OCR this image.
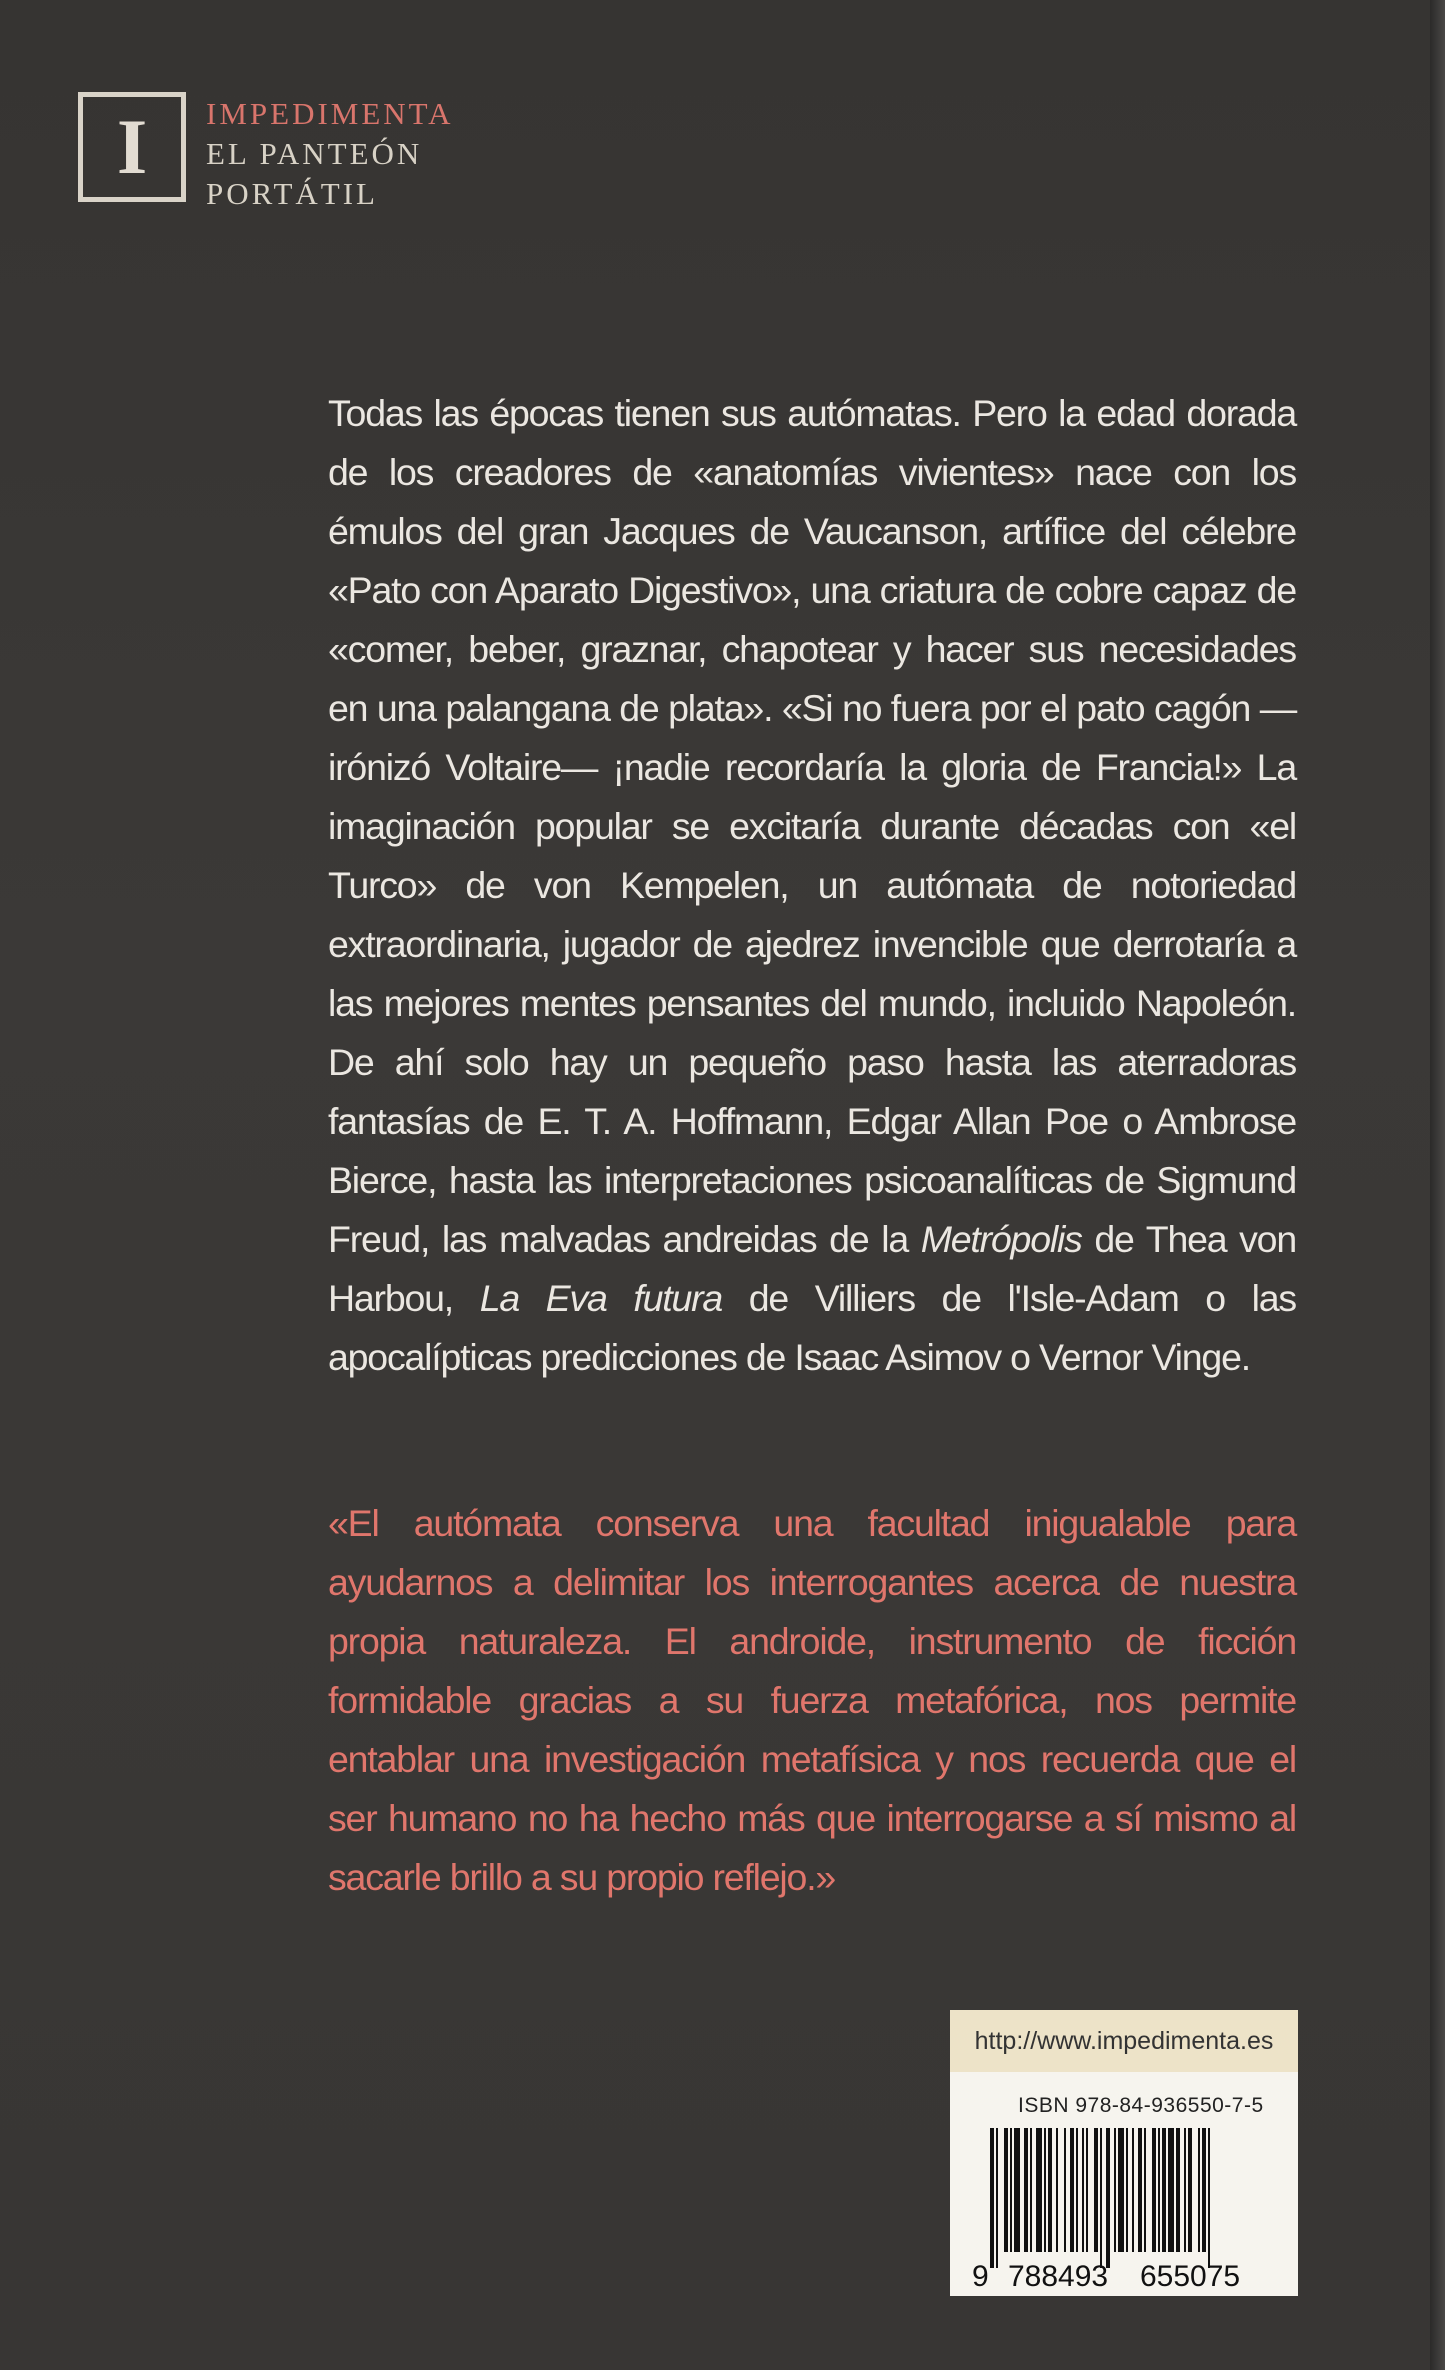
I	IMPEDIMENTA
EL PANTEÓN
PORTÁTIL

Todas las épocas tienen sus autómatas. Pero la edad dorada de los creadores de «anatomías vivientes» nace con los émulos del gran Jacques de Vaucanson, artífice del célebre «Pato con Aparato Digestivo», una criatura de cobre capaz de «comer, beber, graznar, chapotear y hacer sus necesidades en una palangana de plata». «Si no fuera por el pato cagón —irónizó Voltaire— ¡nadie recordaría la gloria de Francia!» La imaginación popular se excitaría durante décadas con «el Turco» de von Kempelen, un autómata de notoriedad extraordinaria, jugador de ajedrez invencible que derrotaría a las mejores mentes pensantes del mundo, incluido Napoleón. De ahí solo hay un pequeño paso hasta las aterradoras fantasías de E. T. A. Hoffmann, Edgar Allan Poe o Ambrose Bierce, hasta las interpretaciones psicoanalíticas de Sigmund Freud, las malvadas andreidas de la Metrópolis de Thea von Harbou, La Eva futura de Villiers de l'Isle-Adam o las apocalípticas predicciones de Isaac Asimov o Vernor Vinge.

«El autómata conserva una facultad inigualable para ayudarnos a delimitar los interrogantes acerca de nuestra propia naturaleza. El androide, instrumento de ficción formidable gracias a su fuerza metafórica, nos permite entablar una investigación metafísica y nos recuerda que el ser humano no ha hecho más que interrogarse a sí mismo al sacarle brillo a su propio reflejo.»

http://www.impedimenta.es
ISBN 978-84-936550-7-5
9 788493 655075
